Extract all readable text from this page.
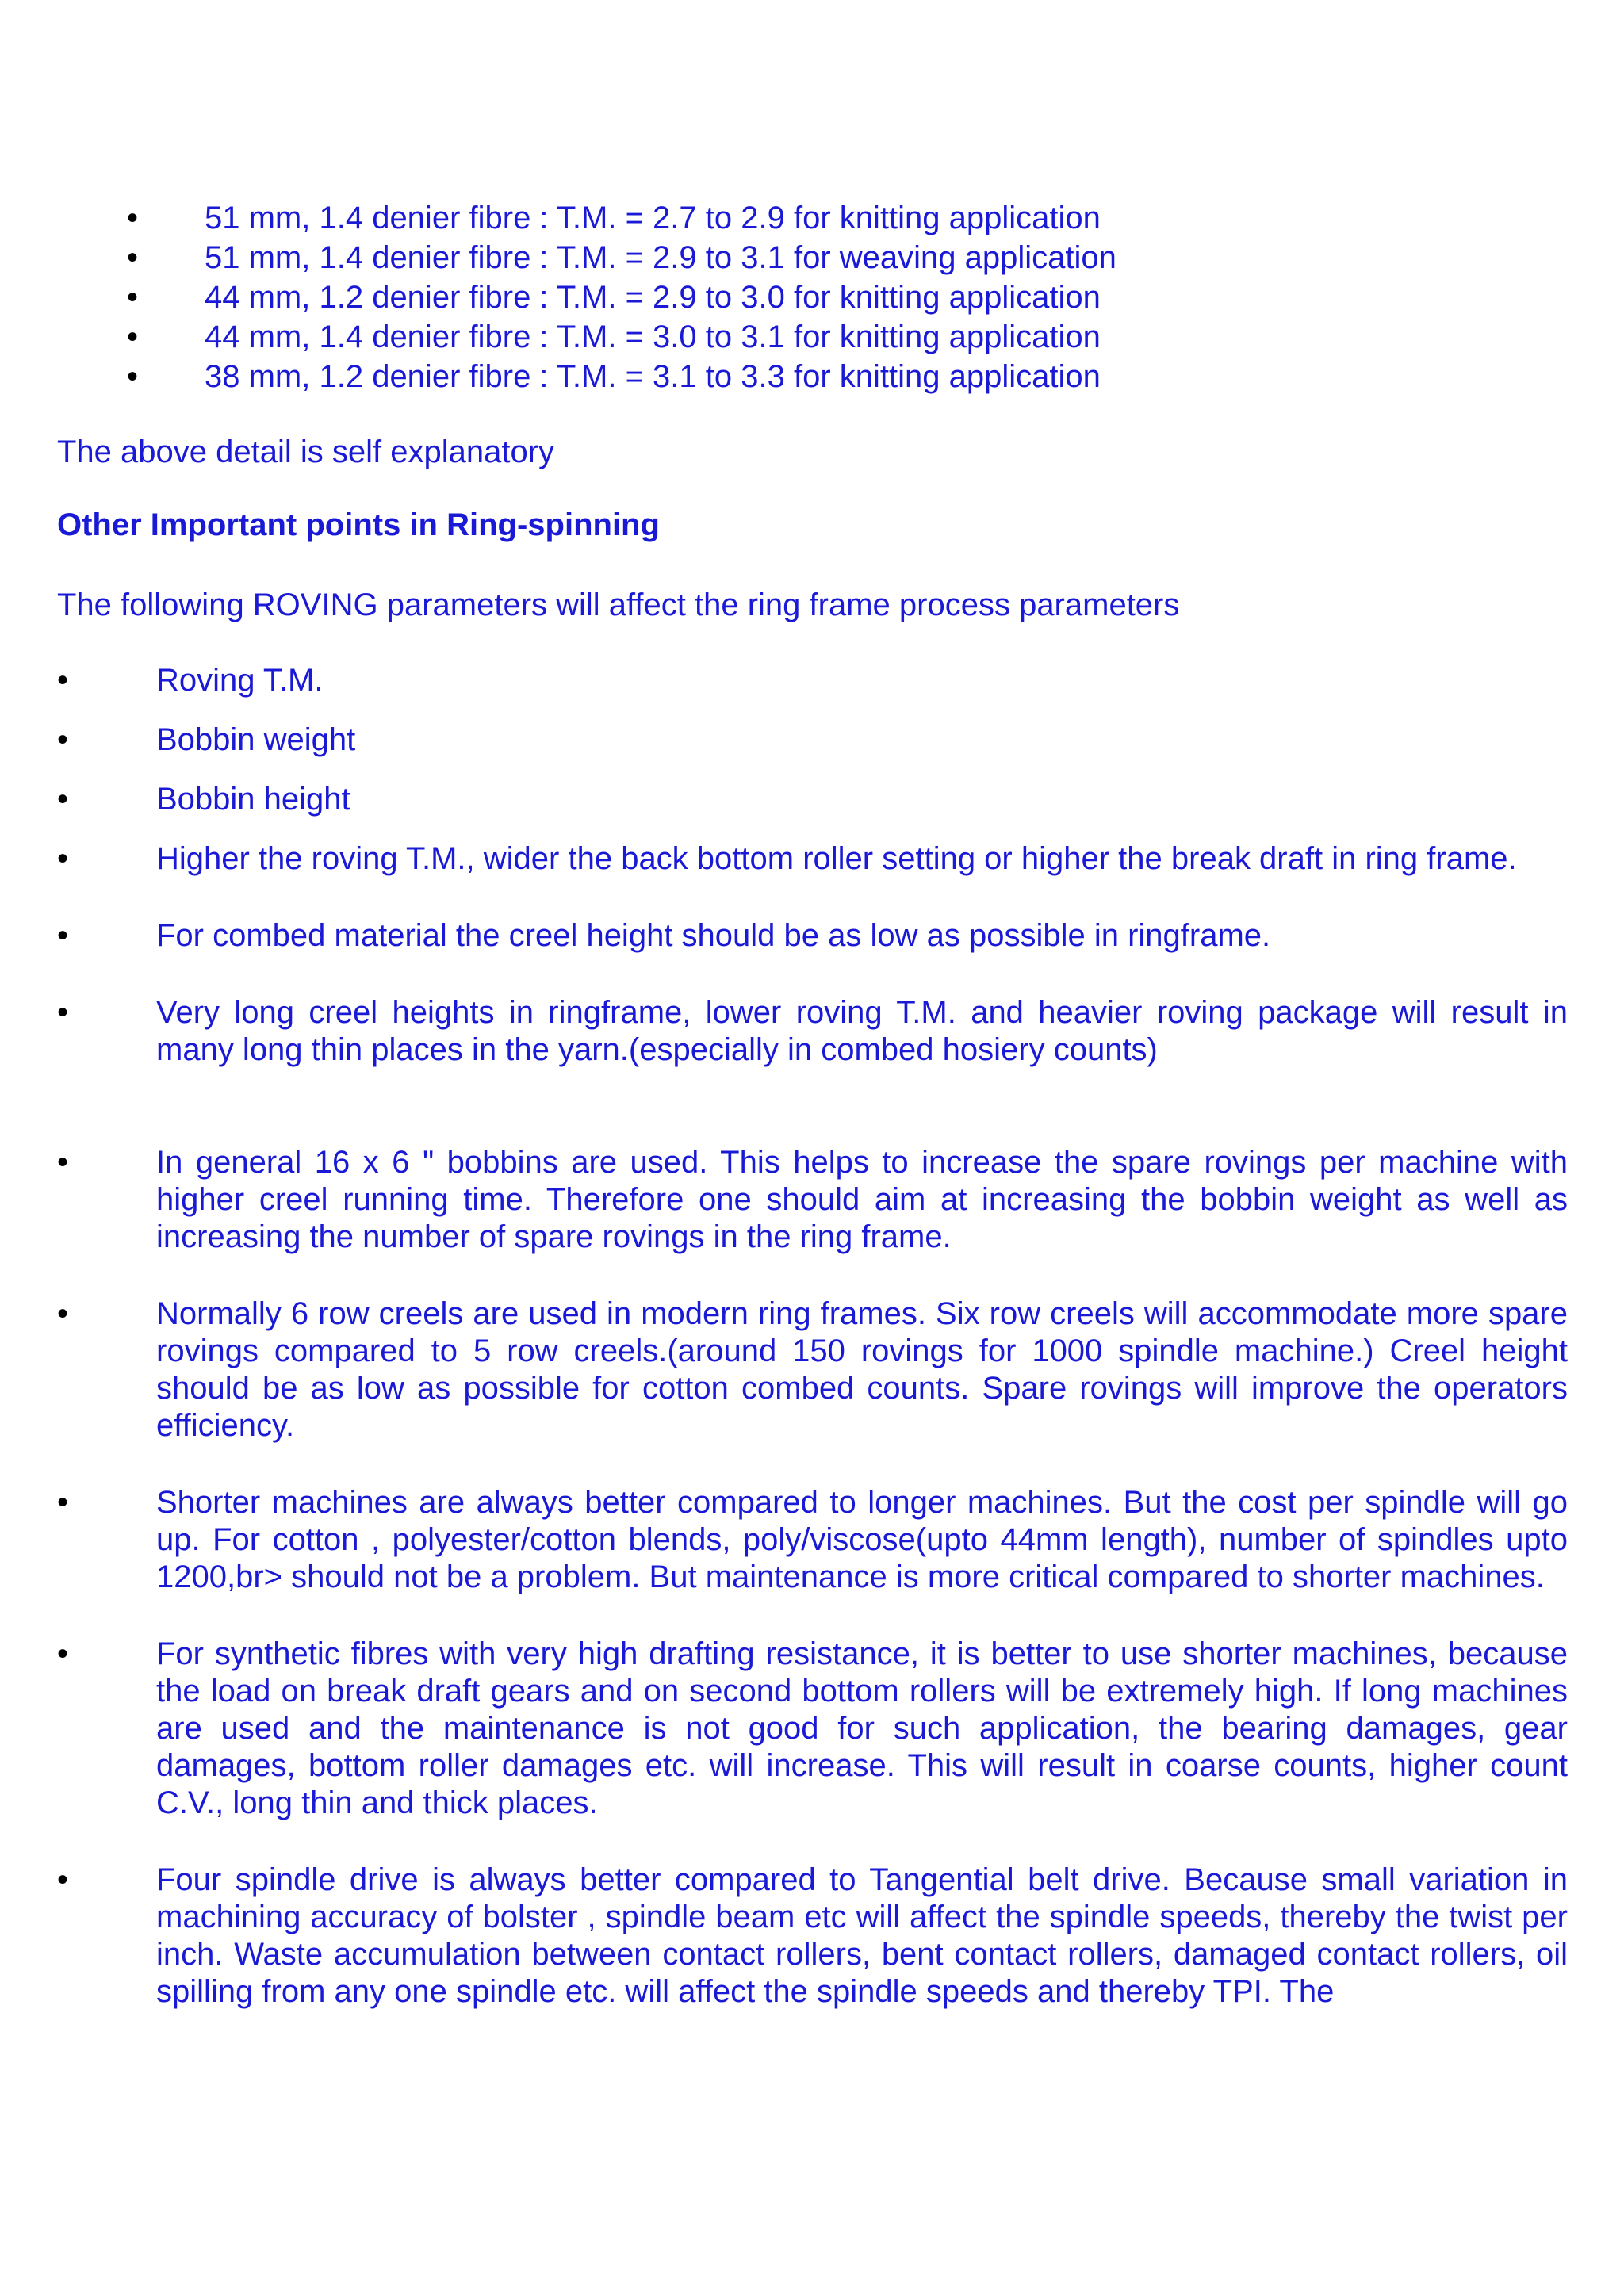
• 51 mm, 1.4 denier fibre : T.M. = 2.7 to 2.9 for knitting application
• 51 mm, 1.4 denier fibre : T.M. = 2.9 to 3.1 for weaving application
• 44 mm, 1.2 denier fibre : T.M. = 2.9 to 3.0 for knitting application
• 44 mm, 1.4 denier fibre : T.M. = 3.0 to 3.1 for knitting application
• 38 mm, 1.2 denier fibre : T.M. = 3.1 to 3.3 for knitting application
The above detail is self explanatory
Other Important points in Ring-spinning
The following ROVING parameters will affect the ring frame process parameters
•	Roving T.M.
•	Bobbin weight
•	Bobbin height
•	Higher the roving T.M., wider the back bottom roller setting or higher the break draft in ring frame.
•	For combed material the creel height should be as low as possible in ringframe.
•	Very long creel heights in ringframe, lower roving T.M. and heavier roving package will result in many long thin places in the yarn.(especially in combed hosiery counts)
•	In general 16 x 6 " bobbins are used. This helps to increase the spare rovings per machine with higher creel running time. Therefore one should aim at increasing the bobbin weight as well as increasing the number of spare rovings in the ring frame.
•	Normally 6 row creels are used in modern ring frames. Six row creels will accommodate more spare rovings compared to 5 row creels.(around 150 rovings for 1000 spindle machine.) Creel height should be as low as possible for cotton combed counts. Spare rovings will improve the operators efficiency.
•	Shorter machines are always better compared to longer machines. But the cost per spindle will go up. For cotton , polyester/cotton blends, poly/viscose(upto 44mm length), number of spindles upto 1200,br> should not be a problem. But maintenance is more critical compared to shorter machines.
•	For synthetic fibres with very high drafting resistance, it is better to use shorter machines, because the load on break draft gears and on second bottom rollers will be extremely high. If long machines are used and the maintenance is not good for such application, the bearing damages, gear damages, bottom roller damages etc. will increase. This will result in coarse counts, higher count C.V., long thin and thick places.
•	Four spindle drive is always better compared to Tangential belt drive. Because small variation in machining accuracy of bolster , spindle beam etc will affect the spindle speeds, thereby the twist per inch. Waste accumulation between contact rollers, bent contact rollers, damaged contact rollers, oil spilling from any one spindle etc. will affect the spindle speeds and thereby TPI. The
